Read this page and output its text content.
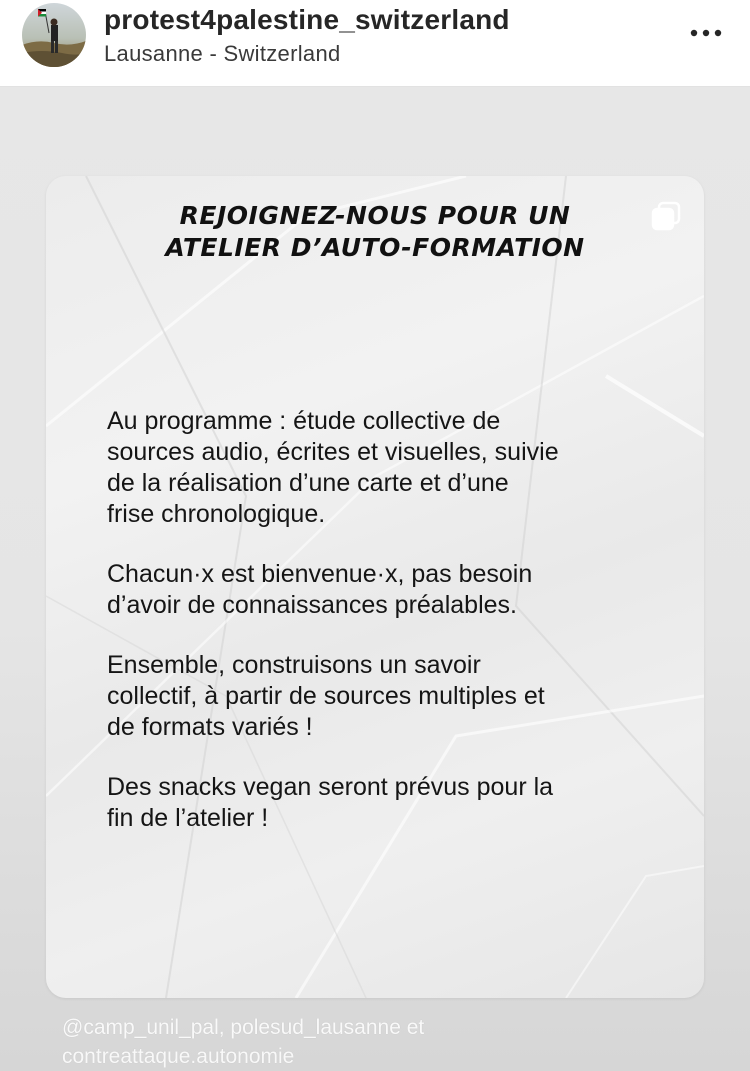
protest4palestine_switzerland
Lausanne - Switzerland
REJOIGNEZ-NOUS POUR UN
ATELIER D’AUTO-FORMATION

Au programme : étude collective de
sources audio, écrites et visuelles, suivie
de la réalisation d’une carte et d’une
frise chronologique.

Chacun·x est bienvenue·x, pas besoin
d’avoir de connaissances préalables.

Ensemble, construisons un savoir
collectif, à partir de sources multiples et
de formats variés !

Des snacks vegan seront prévus pour la
fin de l’atelier !

@camp_unil_pal, polesud_lausanne et contreattaque.autonomie
